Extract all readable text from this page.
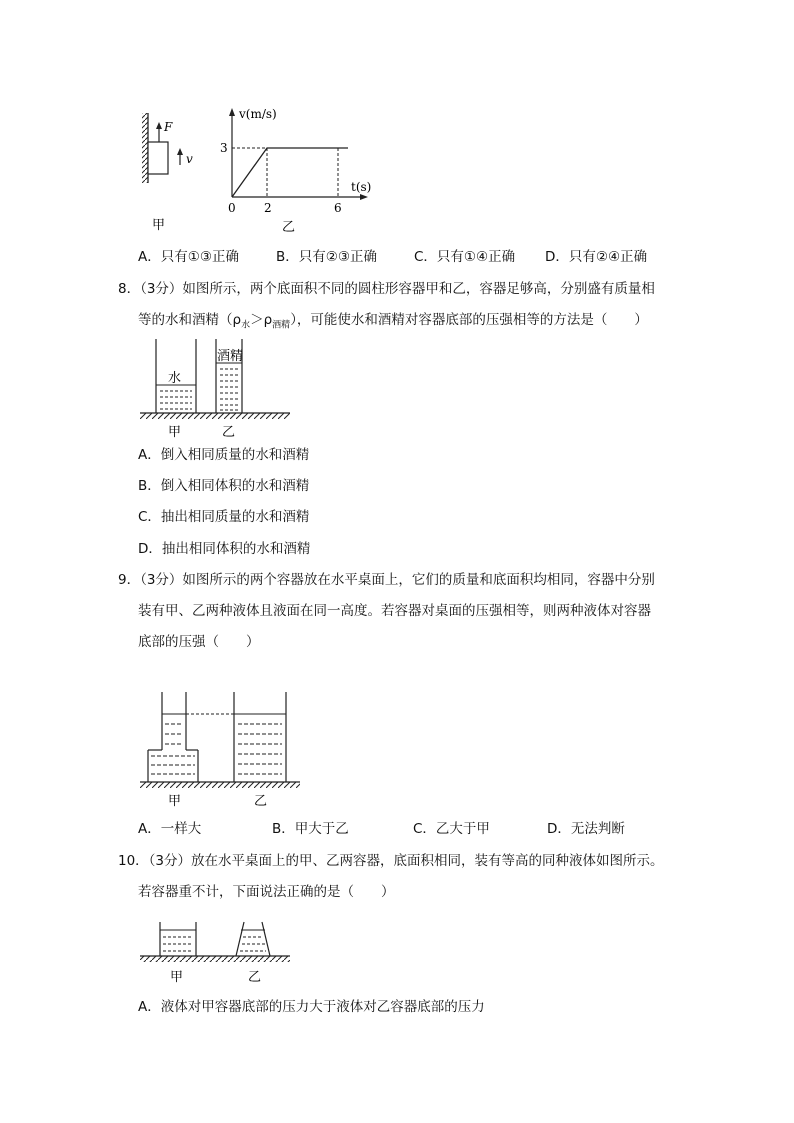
F
v
甲
v(m/s)
t(s)
3
0 2	6
乙
A．只有①③正确	B．只有②③正确	C．只有①④正确 D．只有②④正确
8．（3分）如图所示，两个底面积不同的圆柱形容器甲和乙，容器足够高，分别盛有质量相
等的水和酒精$(\rho_水>\rho_{酒精})$，可能使水和酒精对容器底部的压强相等的方法是（　　）
水
酒精
甲	乙
A．倒入相同质量的水和酒精
B．倒入相同体积的水和酒精
C．抽出相同质量的水和酒精
D．抽出相同体积的水和酒精
9．（3分）如图所示的两个容器放在水平桌面上，它们的质量和底面积均相同，容器中分别
装有甲、乙两种液体且液面在同一高度。若容器对桌面的压强相等，则两种液体对容器
底部的压强（　　）
甲	乙
A．一样大	B．甲大于乙	C．乙大于甲	D．无法判断
10．（3分）放在水平桌面上的甲、乙两容器，底面积相同，装有等高的同种液体如图所示。
若容器重不计，下面说法正确的是（　　）
甲	乙
A．液体对甲容器底部的压力大于液体对乙容器底部的压力
